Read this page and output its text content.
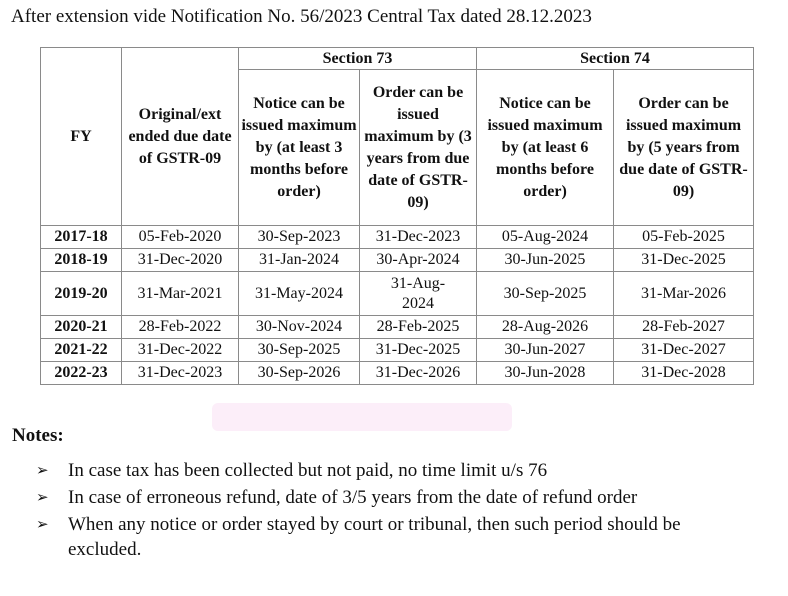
After extension vide Notification No. 56/2023 Central Tax dated 28.12.2023
FY	Original/ext ended due date of GSTR-09	Section 73		Section 74	
		Notice can be issued maximum by (at least 3 months before order)	Order can be issued maximum by (3 years from due date of GSTR-09)	Notice can be issued maximum by (at least 6 months before order)	Order can be issued maximum by (5 years from due date of GSTR-09)
2017-18	05-Feb-2020	30-Sep-2023	31-Dec-2023	05-Aug-2024	05-Feb-2025
2018-19	31-Dec-2020	31-Jan-2024	30-Apr-2024	30-Jun-2025	31-Dec-2025
2019-20	31-Mar-2021	31-May-2024	31-Aug-2024	30-Sep-2025	31-Mar-2026
2020-21	28-Feb-2022	30-Nov-2024	28-Feb-2025	28-Aug-2026	28-Feb-2027
2021-22	31-Dec-2022	30-Sep-2025	31-Dec-2025	30-Jun-2027	31-Dec-2027
2022-23	31-Dec-2023	30-Sep-2026	31-Dec-2026	30-Jun-2028	31-Dec-2028
Notes:
➢ In case tax has been collected but not paid, no time limit u/s 76
➢ In case of erroneous refund, date of 3/5 years from the date of refund order
➢ When any notice or order stayed by court or tribunal, then such period should be excluded.
